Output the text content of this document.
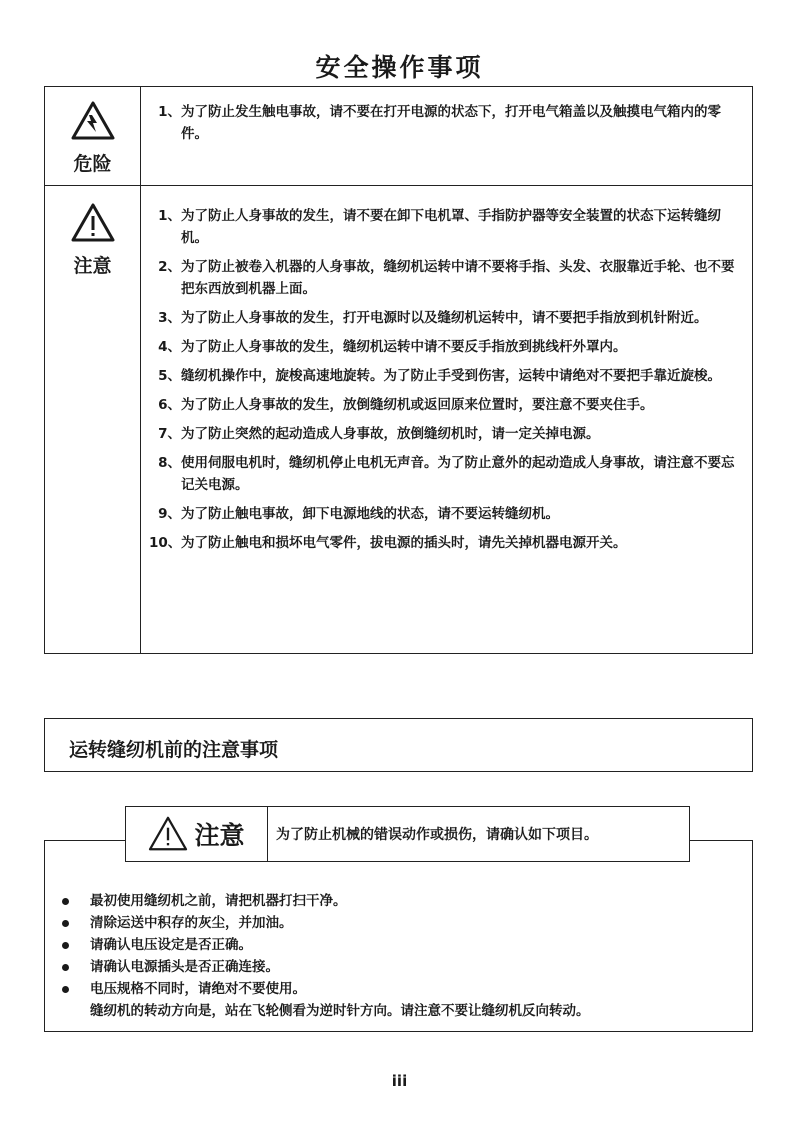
安全操作事项
危险
1、 为了防止发生触电事故，请不要在打开电源的状态下，打开电气箱盖以及触摸电气箱内的零件。
注意
1、 为了防止人身事故的发生，请不要在卸下电机罩、手指防护器等安全装置的状态下运转缝纫机。
2、 为了防止被卷入机器的人身事故，缝纫机运转中请不要将手指、头发、衣服靠近手轮、也不要把东西放到机器上面。
3、 为了防止人身事故的发生，打开电源时以及缝纫机运转中，请不要把手指放到机针附近。
4、 为了防止人身事故的发生，缝纫机运转中请不要反手指放到挑线杆外罩内。
5、 缝纫机操作中，旋梭高速地旋转。为了防止手受到伤害，运转中请绝对不要把手靠近旋梭。
6、 为了防止人身事故的发生，放倒缝纫机或返回原来位置时，要注意不要夹住手。
7、 为了防止突然的起动造成人身事故，放倒缝纫机时，请一定关掉电源。
8、 使用伺服电机时，缝纫机停止电机无声音。为了防止意外的起动造成人身事故，请注意不要忘记关电源。
9、 为了防止触电事故，卸下电源地线的状态，请不要运转缝纫机。
10、 为了防止触电和损坏电气零件，拔电源的插头时，请先关掉机器电源开关。
运转缝纫机前的注意事项
注意	为了防止机械的错误动作或损伤，请确认如下项目。
最初使用缝纫机之前，请把机器打扫干净。
清除运送中积存的灰尘，并加油。
请确认电压设定是否正确。
请确认电源插头是否正确连接。
电压规格不同时，请绝对不要使用。
缝纫机的转动方向是，站在飞轮侧看为逆时针方向。请注意不要让缝纫机反向转动。
iii
